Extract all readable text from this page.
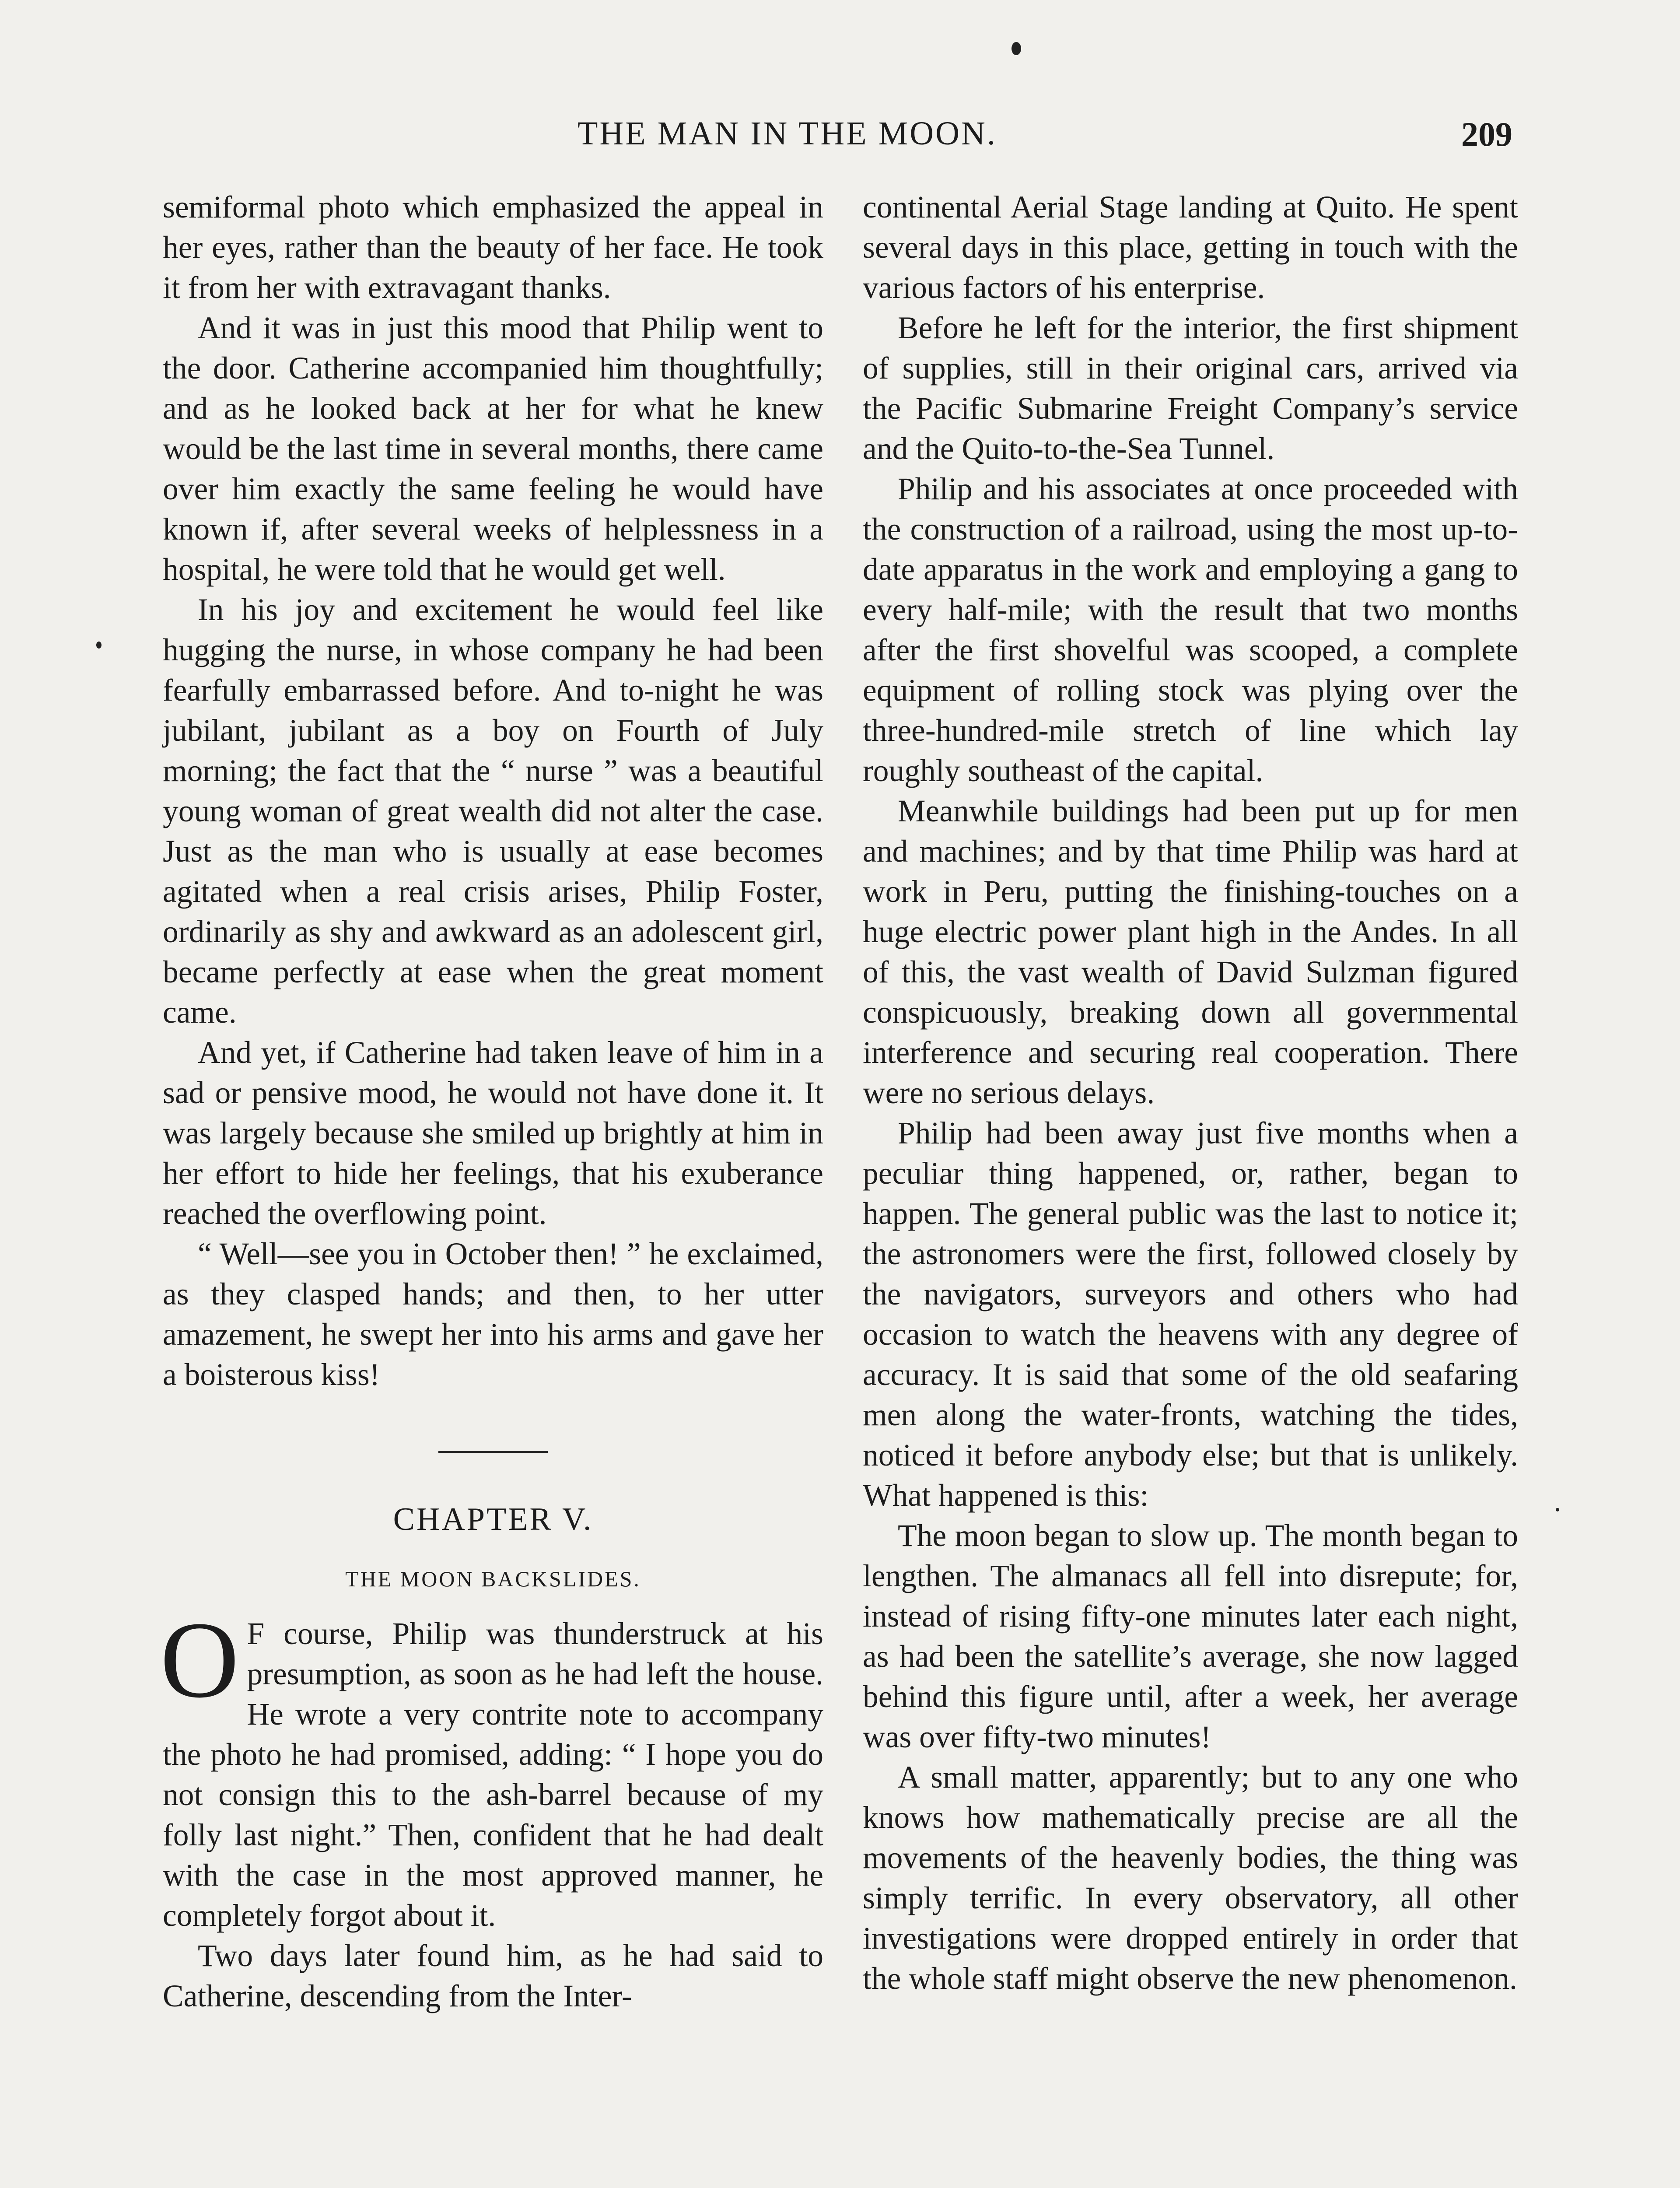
THE MAN IN THE MOON.	209

semiformal photo which emphasized the appeal in her eyes, rather than the beauty of her face. He took it from her with extravagant thanks.

And it was in just this mood that Philip went to the door. Catherine accompanied him thoughtfully; and as he looked back at her for what he knew would be the last time in several months, there came over him exactly the same feeling he would have known if, after several weeks of helplessness in a hospital, he were told that he would get well.

In his joy and excitement he would feel like hugging the nurse, in whose company he had been fearfully embarrassed before. And to-night he was jubilant, jubilant as a boy on Fourth of July morning; the fact that the “ nurse ” was a beautiful young woman of great wealth did not alter the case. Just as the man who is usually at ease becomes agitated when a real crisis arises, Philip Foster, ordinarily as shy and awkward as an adolescent girl, became perfectly at ease when the great moment came.

And yet, if Catherine had taken leave of him in a sad or pensive mood, he would not have done it. It was largely because she smiled up brightly at him in her effort to hide her feelings, that his exuberance reached the overflowing point.

“ Well—see you in October then! ” he exclaimed, as they clasped hands; and then, to her utter amazement, he swept her into his arms and gave her a boisterous kiss!

CHAPTER V.
THE MOON BACKSLIDES.

O F course, Philip was thunderstruck at his presumption, as soon as he had left the house. He wrote a very contrite note to accompany the photo he had promised, adding: “ I hope you do not consign this to the ash-barrel because of my folly last night.” Then, confident that he had dealt with the case in the most approved manner, he completely forgot about it.

Two days later found him, as he had said to Catherine, descending from the Inter-

continental Aerial Stage landing at Quito. He spent several days in this place, getting in touch with the various factors of his enterprise.

Before he left for the interior, the first shipment of supplies, still in their original cars, arrived via the Pacific Submarine Freight Company’s service and the Quito-to-the-Sea Tunnel.

Philip and his associates at once proceeded with the construction of a railroad, using the most up-to-date apparatus in the work and employing a gang to every half-mile; with the result that two months after the first shovelful was scooped, a complete equipment of rolling stock was plying over the three-hundred-mile stretch of line which lay roughly southeast of the capital.

Meanwhile buildings had been put up for men and machines; and by that time Philip was hard at work in Peru, putting the finishing-touches on a huge electric power plant high in the Andes. In all of this, the vast wealth of David Sulzman figured conspicuously, breaking down all governmental interference and securing real cooperation. There were no serious delays.

Philip had been away just five months when a peculiar thing happened, or, rather, began to happen. The general public was the last to notice it; the astronomers were the first, followed closely by the navigators, surveyors and others who had occasion to watch the heavens with any degree of accuracy. It is said that some of the old seafaring men along the water-fronts, watching the tides, noticed it before anybody else; but that is unlikely. What happened is this:

The moon began to slow up. The month began to lengthen. The almanacs all fell into disrepute; for, instead of rising fifty-one minutes later each night, as had been the satellite’s average, she now lagged behind this figure until, after a week, her average was over fifty-two minutes!

A small matter, apparently; but to any one who knows how mathematically precise are all the movements of the heavenly bodies, the thing was simply terrific. In every observatory, all other investigations were dropped entirely in order that the whole staff might observe the new phenomenon.
